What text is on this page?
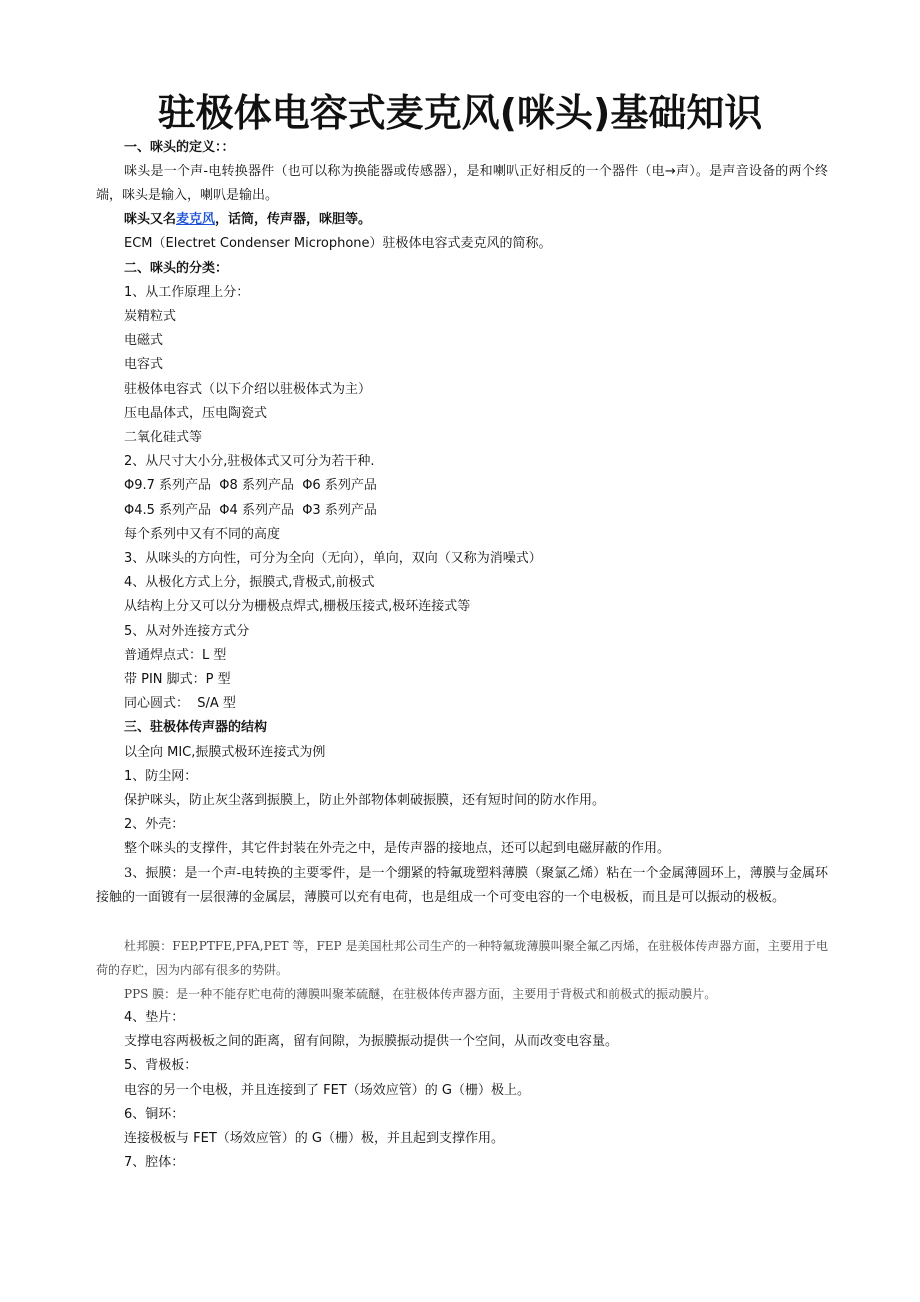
驻极体电容式麦克风(咪头)基础知识

一、咪头的定义：：

咪头是一个声-电转换器件（也可以称为换能器或传感器），是和喇叭正好相反的一个器件（电→声）。是声音设备的两个终端，咪头是输入，喇叭是输出。

咪头又名麦克风，话筒，传声器，咪胆等。

ECM（Electret Condenser Microphone）驻极体电容式麦克风的简称。

二、咪头的分类：

1、从工作原理上分：

炭精粒式

电磁式

电容式

驻极体电容式（以下介绍以驻极体式为主）

压电晶体式，压电陶瓷式

二氧化硅式等

2、从尺寸大小分,驻极体式又可分为若干种.

Φ9.7 系列产品  Φ8 系列产品  Φ6 系列产品

Φ4.5 系列产品  Φ4 系列产品  Φ3 系列产品

每个系列中又有不同的高度

3、从咪头的方向性，可分为全向（无向），单向，双向（又称为消噪式）

4、从极化方式上分，振膜式,背极式,前极式

从结构上分又可以分为栅极点焊式,栅极压接式,极环连接式等

5、从对外连接方式分

普通焊点式：L 型

带 PIN 脚式：P 型

同心圆式：  S/A 型

三、驻极体传声器的结构

以全向 MIC,振膜式极环连接式为例

1、防尘网：

保护咪头，防止灰尘落到振膜上，防止外部物体刺破振膜，还有短时间的防水作用。

2、外壳：

整个咪头的支撑件，其它件封装在外壳之中，是传声器的接地点，还可以起到电磁屏蔽的作用。

3、振膜：是一个声-电转换的主要零件，是一个绷紧的特氟珑塑料薄膜（聚氯乙烯）粘在一个金属薄圆环上，薄膜与金属环接触的一面镀有一层很薄的金属层，薄膜可以充有电荷，也是组成一个可变电容的一个电极板，而且是可以振动的极板。

杜邦膜：FEP,PTFE,PFA,PET 等，FEP 是美国杜邦公司生产的一种特氟珑薄膜叫聚全氟乙丙烯，在驻极体传声器方面，主要用于电荷的存贮，因为内部有很多的势阱。

PPS 膜：是一种不能存贮电荷的薄膜叫聚苯硫醚，在驻极体传声器方面，主要用于背极式和前极式的振动膜片。

4、垫片：

支撑电容两极板之间的距离，留有间隙，为振膜振动提供一个空间，从而改变电容量。

5、背极板：

电容的另一个电极，并且连接到了 FET（场效应管）的 G（栅）极上。

6、铜环：

连接极板与 FET（场效应管）的 G（栅）极，并且起到支撑作用。

7、腔体：
